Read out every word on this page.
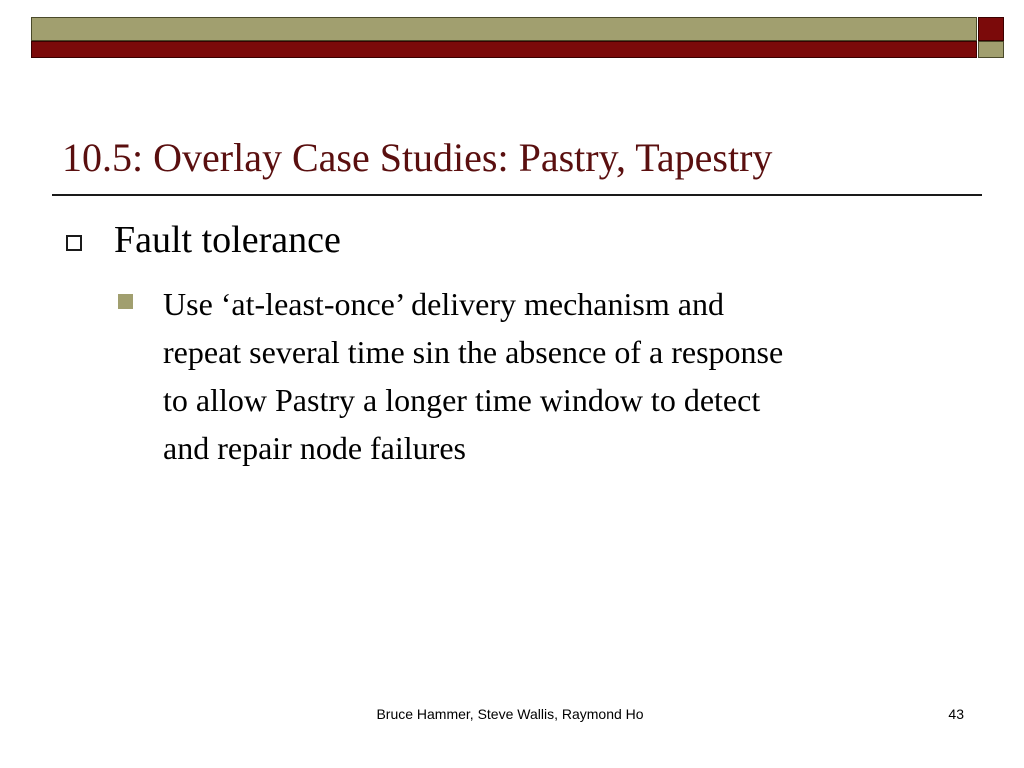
10.5: Overlay Case Studies: Pastry, Tapestry
Fault tolerance
Use ‘at-least-once’ delivery mechanism and
repeat several time sin the absence of a response
to allow Pastry a longer time window to detect
and repair node failures
Bruce Hammer, Steve Wallis, Raymond Ho	43
